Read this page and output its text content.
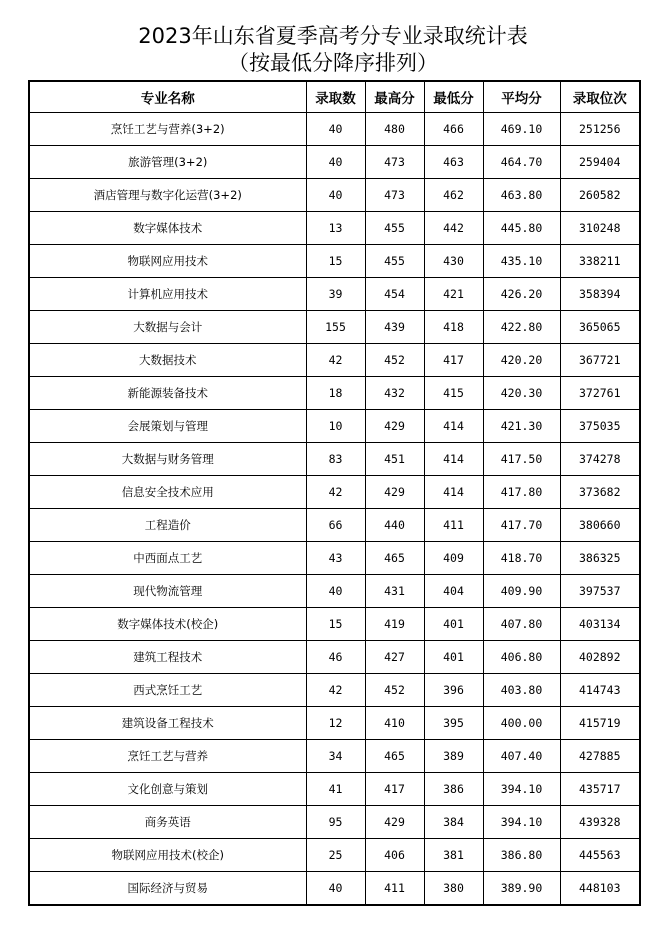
2023年山东省夏季高考分专业录取统计表
（按最低分降序排列）
专业名称	录取数	最高分	最低分	平均分	录取位次
烹饪工艺与营养(3+2)	40	480	466	469.10	251256
旅游管理(3+2)	40	473	463	464.70	259404
酒店管理与数字化运营(3+2)	40	473	462	463.80	260582
数字媒体技术	13	455	442	445.80	310248
物联网应用技术	15	455	430	435.10	338211
计算机应用技术	39	454	421	426.20	358394
大数据与会计	155	439	418	422.80	365065
大数据技术	42	452	417	420.20	367721
新能源装备技术	18	432	415	420.30	372761
会展策划与管理	10	429	414	421.30	375035
大数据与财务管理	83	451	414	417.50	374278
信息安全技术应用	42	429	414	417.80	373682
工程造价	66	440	411	417.70	380660
中西面点工艺	43	465	409	418.70	386325
现代物流管理	40	431	404	409.90	397537
数字媒体技术(校企)	15	419	401	407.80	403134
建筑工程技术	46	427	401	406.80	402892
西式烹饪工艺	42	452	396	403.80	414743
建筑设备工程技术	12	410	395	400.00	415719
烹饪工艺与营养	34	465	389	407.40	427885
文化创意与策划	41	417	386	394.10	435717
商务英语	95	429	384	394.10	439328
物联网应用技术(校企)	25	406	381	386.80	445563
国际经济与贸易	40	411	380	389.90	448103
